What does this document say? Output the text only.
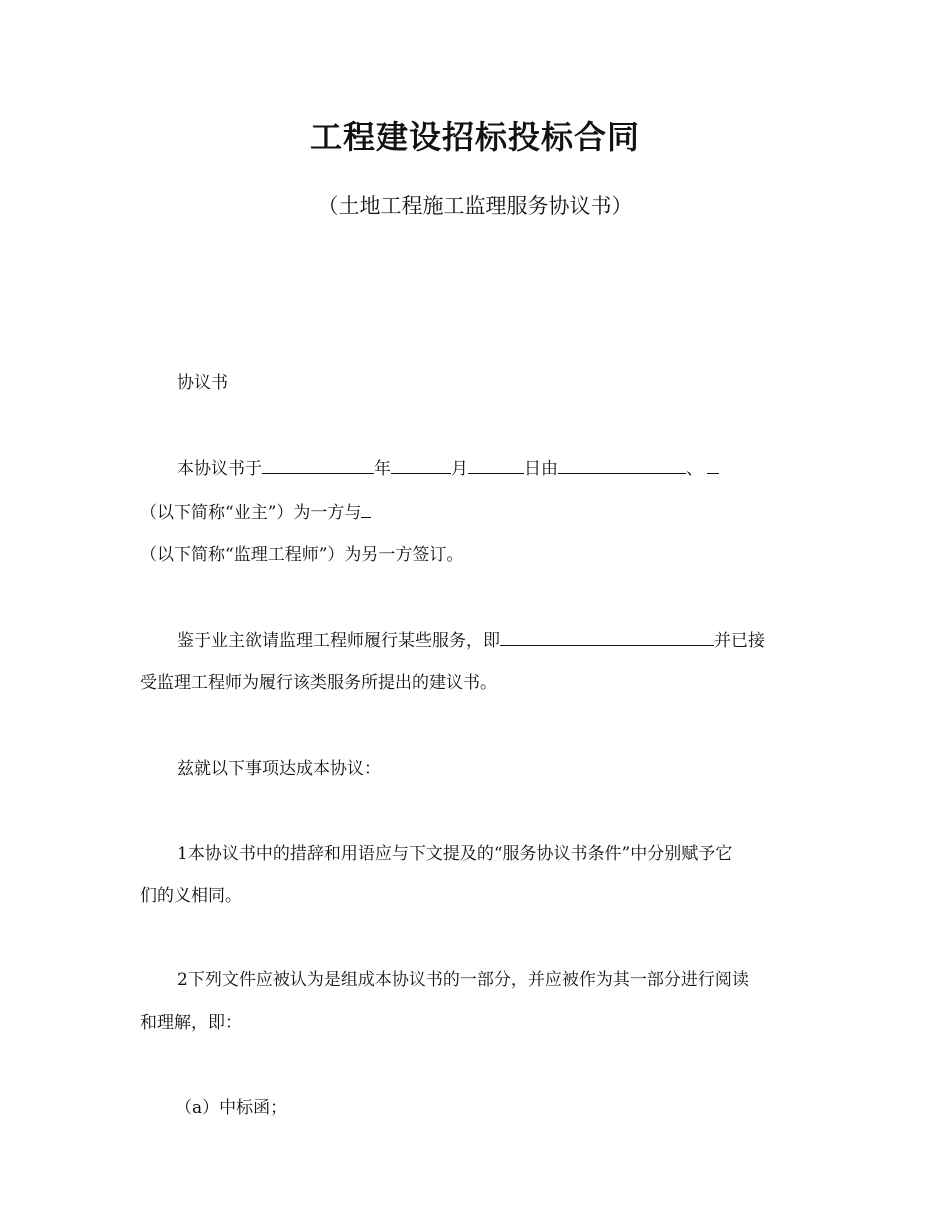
工程建设招标投标合同
（土地工程施工监理服务协议书）
协议书
本协议书于	年	月	日由	、
（以下简称“业主”）为一方与
（以下简称“监理工程师”）为另一方签订。
鉴于业主欲请监理工程师履行某些服务，即	并已接
受监理工程师为履行该类服务所提出的建议书。
兹就以下事项达成本协议：
1本协议书中的措辞和用语应与下文提及的“服务协议书条件”中分别赋予它
们的义相同。
2下列文件应被认为是组成本协议书的一部分，并应被作为其一部分进行阅读
和理解，即：
（a）中标函；
